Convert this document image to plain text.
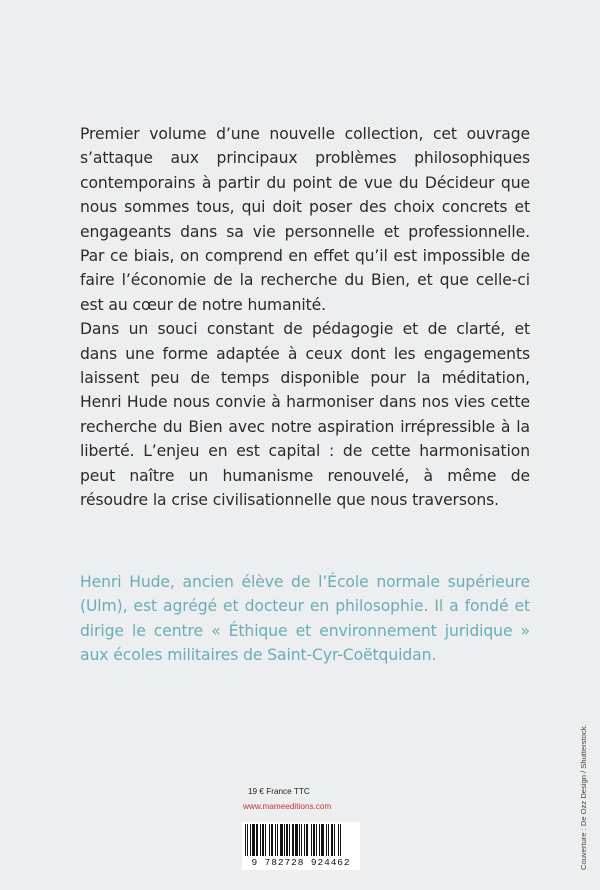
Premier volume d’une nouvelle collection, cet ouvrage s’attaque aux principaux problèmes philosophiques contemporains à partir du point de vue du Décideur que nous sommes tous, qui doit poser des choix concrets et engageants dans sa vie personnelle et professionnelle. Par ce biais, on comprend en effet qu’il est impossible de faire l’économie de la recherche du Bien, et que celle-ci est au cœur de notre humanité.

Dans un souci constant de pédagogie et de clarté, et dans une forme adaptée à ceux dont les engagements laissent peu de temps disponible pour la méditation, Henri Hude nous convie à harmoniser dans nos vies cette recherche du Bien avec notre aspiration irrépressible à la liberté. L’enjeu en est capital : de cette harmonisation peut naître un humanisme renouvelé, à même de résoudre la crise civilisationnelle que nous traversons.

Henri Hude, ancien élève de l’École normale supérieure (Ulm), est agrégé et docteur en philosophie. Il a fondé et dirige le centre « Éthique et environnement juridique » aux écoles militaires de Saint-Cyr-Coëtquidan.

19 € France TTC
www.mameeditions.com
9 782728 924462	Couverture : De Ozz Design / Shutterstock.
